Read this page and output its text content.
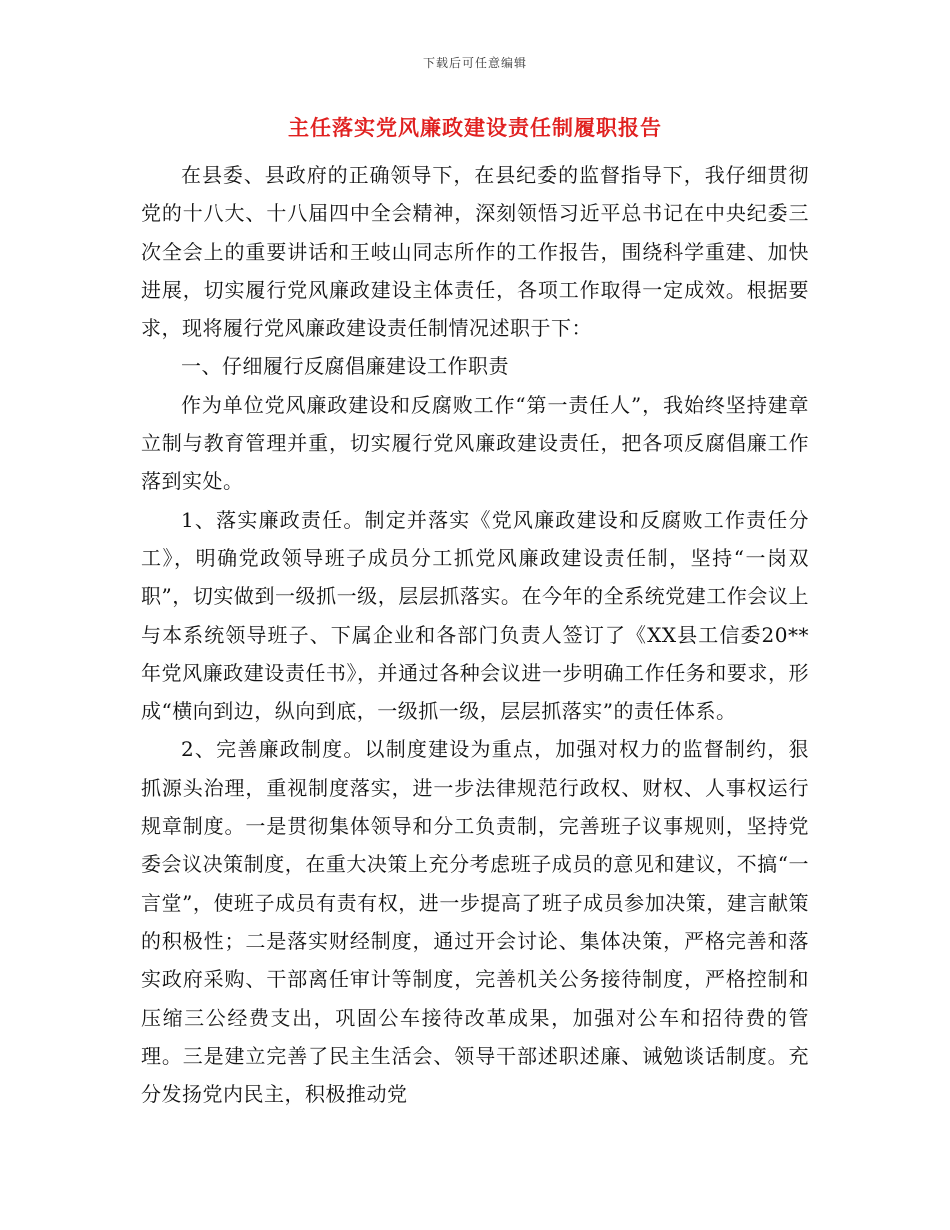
下载后可任意编辑
主任落实党风廉政建设责任制履职报告

在县委、县政府的正确领导下，在县纪委的监督指导下，我仔细贯彻党的十八大、十八届四中全会精神，深刻领悟习近平总书记在中央纪委三次全会上的重要讲话和王岐山同志所作的工作报告，围绕科学重建、加快进展，切实履行党风廉政建设主体责任，各项工作取得一定成效。根据要求，现将履行党风廉政建设责任制情况述职于下：

一、仔细履行反腐倡廉建设工作职责

作为单位党风廉政建设和反腐败工作“第一责任人”，我始终坚持建章立制与教育管理并重，切实履行党风廉政建设责任，把各项反腐倡廉工作落到实处。

1、落实廉政责任。制定并落实《党风廉政建设和反腐败工作责任分工》，明确党政领导班子成员分工抓党风廉政建设责任制，坚持“一岗双职”，切实做到一级抓一级，层层抓落实。在今年的全系统党建工作会议上与本系统领导班子、下属企业和各部门负责人签订了《XX县工信委20**年党风廉政建设责任书》，并通过各种会议进一步明确工作任务和要求，形成“横向到边，纵向到底，一级抓一级，层层抓落实”的责任体系。

2、完善廉政制度。以制度建设为重点，加强对权力的监督制约，狠抓源头治理，重视制度落实，进一步法律规范行政权、财权、人事权运行规章制度。一是贯彻集体领导和分工负责制，完善班子议事规则，坚持党委会议决策制度，在重大决策上充分考虑班子成员的意见和建议，不搞“一言堂”，使班子成员有责有权，进一步提高了班子成员参加决策，建言献策的积极性；二是落实财经制度，通过开会讨论、集体决策，严格完善和落实政府采购、干部离任审计等制度，完善机关公务接待制度，严格控制和压缩三公经费支出，巩固公车接待改革成果，加强对公车和招待费的管理。三是建立完善了民主生活会、领导干部述职述廉、诫勉谈话制度。充分发扬党内民主，积极推动党
